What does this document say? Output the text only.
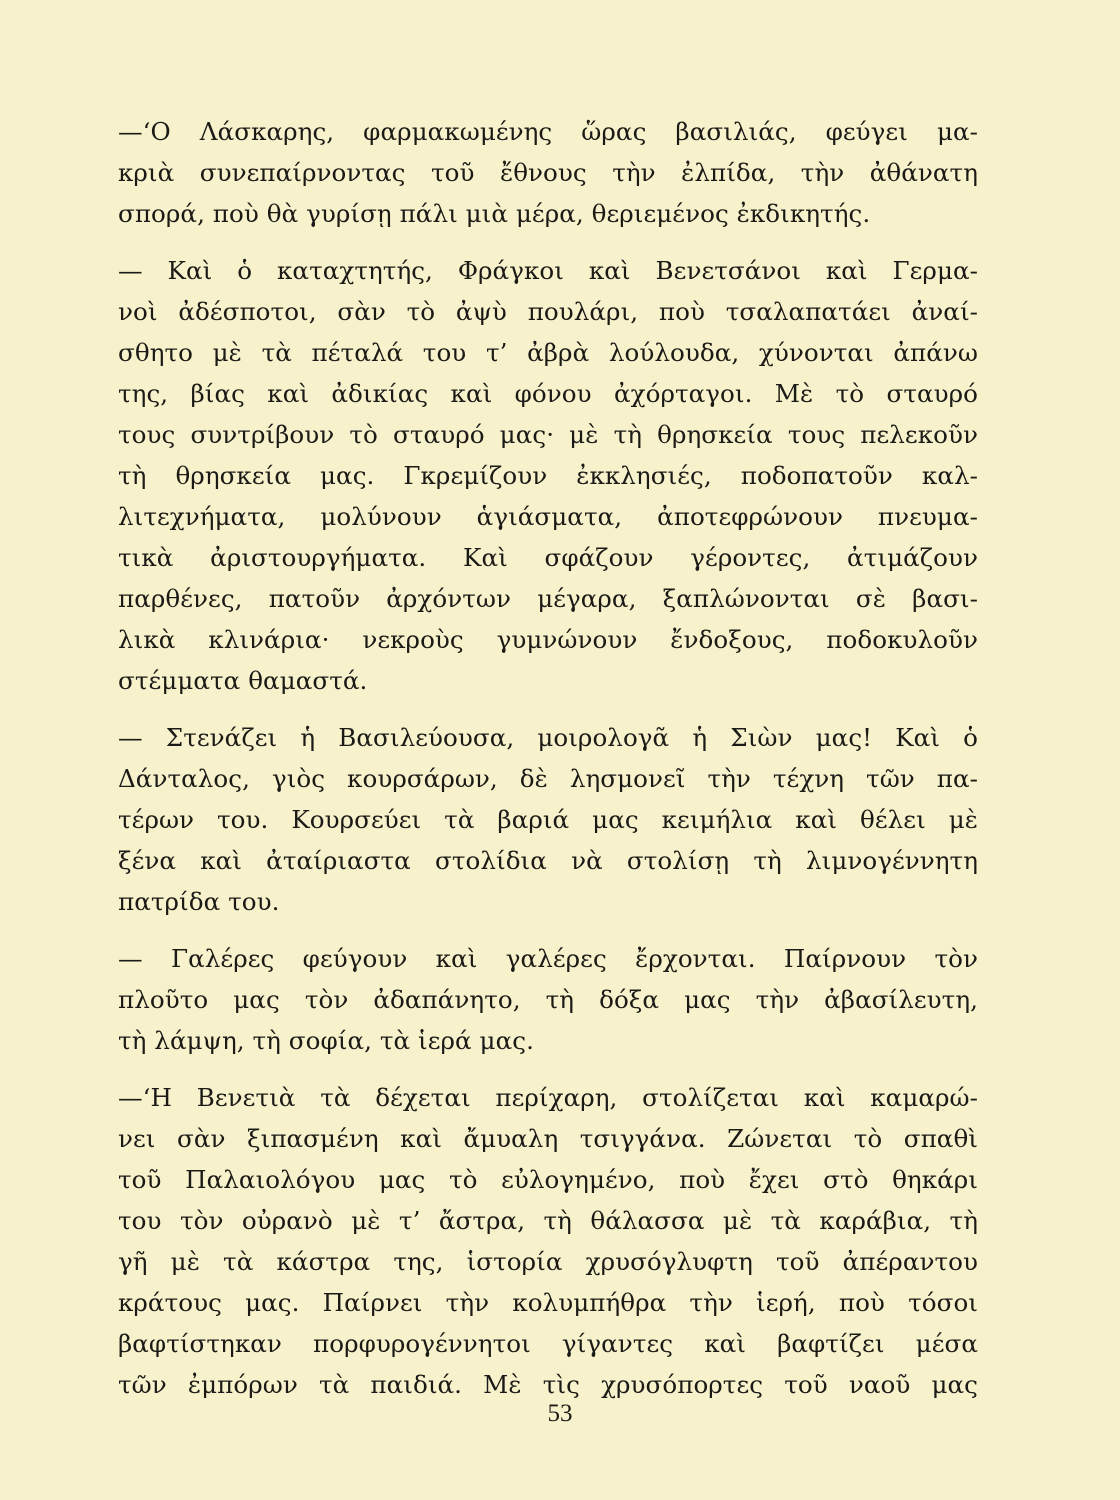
—‘Ο Λάσκαρης, φαρμακωμένης ὥρας βασιλιάς, φεύγει μα-
κριὰ συνεπαίρνοντας τοῦ ἔθνους τὴν ἐλπίδα, τὴν ἀθάνατη
σπορά, ποὺ θὰ γυρίσῃ πάλι μιὰ μέρα, θεριεμένος ἐκδικητής.

— Καὶ ὁ καταχτητής, Φράγκοι καὶ Βενετσάνοι καὶ Γερμα-
νοὶ ἀδέσποτοι, σὰν τὸ ἀψὺ πουλάρι, ποὺ τσαλαπατάει ἀναί-
σθητο μὲ τὰ πέταλά του τ’ ἀβρὰ λούλουδα, χύνονται ἀπάνω
της, βίας καὶ ἀδικίας καὶ φόνου ἀχόρταγοι. Μὲ τὸ σταυρό
τους συντρίβουν τὸ σταυρό μας· μὲ τὴ θρησκεία τους πελεκοῦν
τὴ θρησκεία μας. Γκρεμίζουν ἐκκλησιές, ποδοπατοῦν καλ-
λιτεχνήματα, μολύνουν ἁγιάσματα, ἀποτεφρώνουν πνευμα-
τικὰ ἀριστουργήματα. Καὶ σφάζουν γέροντες, ἀτιμάζουν
παρθένες, πατοῦν ἀρχόντων μέγαρα, ξαπλώνονται σὲ βασι-
λικὰ κλινάρια· νεκροὺς γυμνώνουν ἔνδοξους, ποδοκυλοῦν
στέμματα θαμαστά.

— Στενάζει ἡ Βασιλεύουσα, μοιρολογᾶ ἡ Σιὼν μας! Καὶ ὁ
Δάνταλος, γιὸς κουρσάρων, δὲ λησμονεῖ τὴν τέχνη τῶν πα-
τέρων του. Κουρσεύει τὰ βαριά μας κειμήλια καὶ θέλει μὲ
ξένα καὶ ἀταίριαστα στολίδια νὰ στολίσῃ τὴ λιμνογέννητη
πατρίδα του.

— Γαλέρες φεύγουν καὶ γαλέρες ἔρχονται. Παίρνουν τὸν
πλοῦτο μας τὸν ἀδαπάνητο, τὴ δόξα μας τὴν ἀβασίλευτη,
τὴ λάμψη, τὴ σοφία, τὰ ἱερά μας.

—‘Η Βενετιὰ τὰ δέχεται περίχαρη, στολίζεται καὶ καμαρώ-
νει σὰν ξιπασμένη καὶ ἄμυαλη τσιγγάνα. Ζώνεται τὸ σπαθὶ
τοῦ Παλαιολόγου μας τὸ εὐλογημένο, ποὺ ἔχει στὸ θηκάρι
του τὸν οὐρανὸ μὲ τ’ ἄστρα, τὴ θάλασσα μὲ τὰ καράβια, τὴ
γῆ μὲ τὰ κάστρα της, ἱστορία χρυσόγλυφτη τοῦ ἀπέραντου
κράτους μας. Παίρνει τὴν κολυμπήθρα τὴν ἱερή, ποὺ τόσοι
βαφτίστηκαν πορφυρογέννητοι γίγαντες καὶ βαφτίζει μέσα
τῶν ἐμπόρων τὰ παιδιά. Μὲ τὶς χρυσόπορτες τοῦ ναοῦ μας

53
